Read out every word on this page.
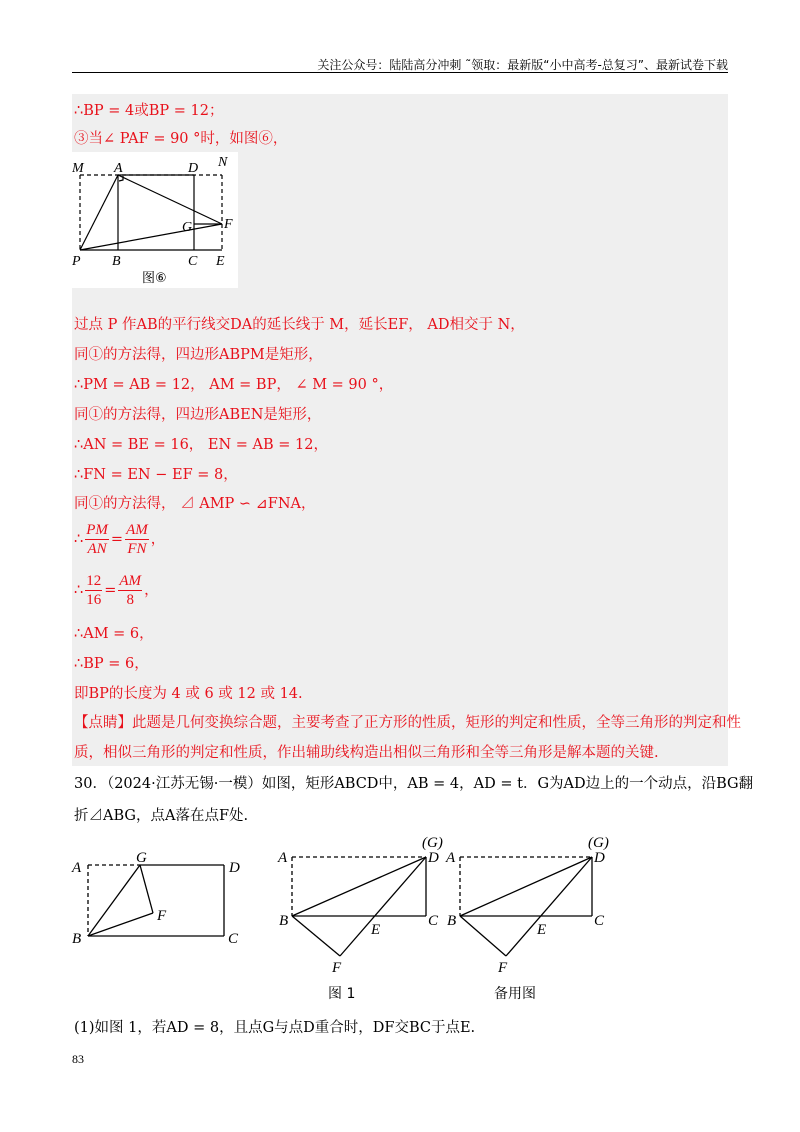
关注公众号：陆陆高分冲刺 ˜领取：最新版“小中高考-总复习”、最新试卷下载
∴BP = 4或BP = 12；
③当∠ PAF = 90 °时，如图⑥，
M A	D N
G F
P B	C E
图⑥
过点 P 作AB的平行线交DA的延长线于 M，延长EF， AD相交于 N，
同①的方法得，四边形ABPM是矩形，
∴PM = AB = 12， AM = BP， ∠ M = 90 °，
同①的方法得，四边形ABEN是矩形，
∴AN = BE = 16， EN = AB = 12，
∴FN = EN − EF = 8，
同①的方法得， ⊿ AMP ∽ ⊿FNA，
∴ $\frac{PM}{AN} = \frac{AM}{FN}$ ，
∴ $\frac{12}{16} = \frac{AM}{8}$ ，
∴AM = 6，
∴BP = 6，
即BP的长度为 4 或 6 或 12 或 14.
【点睛】此题是几何变换综合题，主要考查了正方形的性质，矩形的判定和性质，全等三角形的判定和性
质，相似三角形的判定和性质，作出辅助线构造出相似三角形和全等三角形是解本题的关键.
30．（2024·江苏无锡·一模）如图，矩形ABCD中，AB = 4，AD = t．G为AD边上的一个动点，沿BG翻
折⊿ABG，点A落在点F处.
A
G
D
F
B	C
A
(G)
D
B
E
C
F
图 1
A
(G)
D
B
E
C
F
备用图
(1)如图 1，若AD = 8，且点G与点D重合时，DF交BC于点E.
83
